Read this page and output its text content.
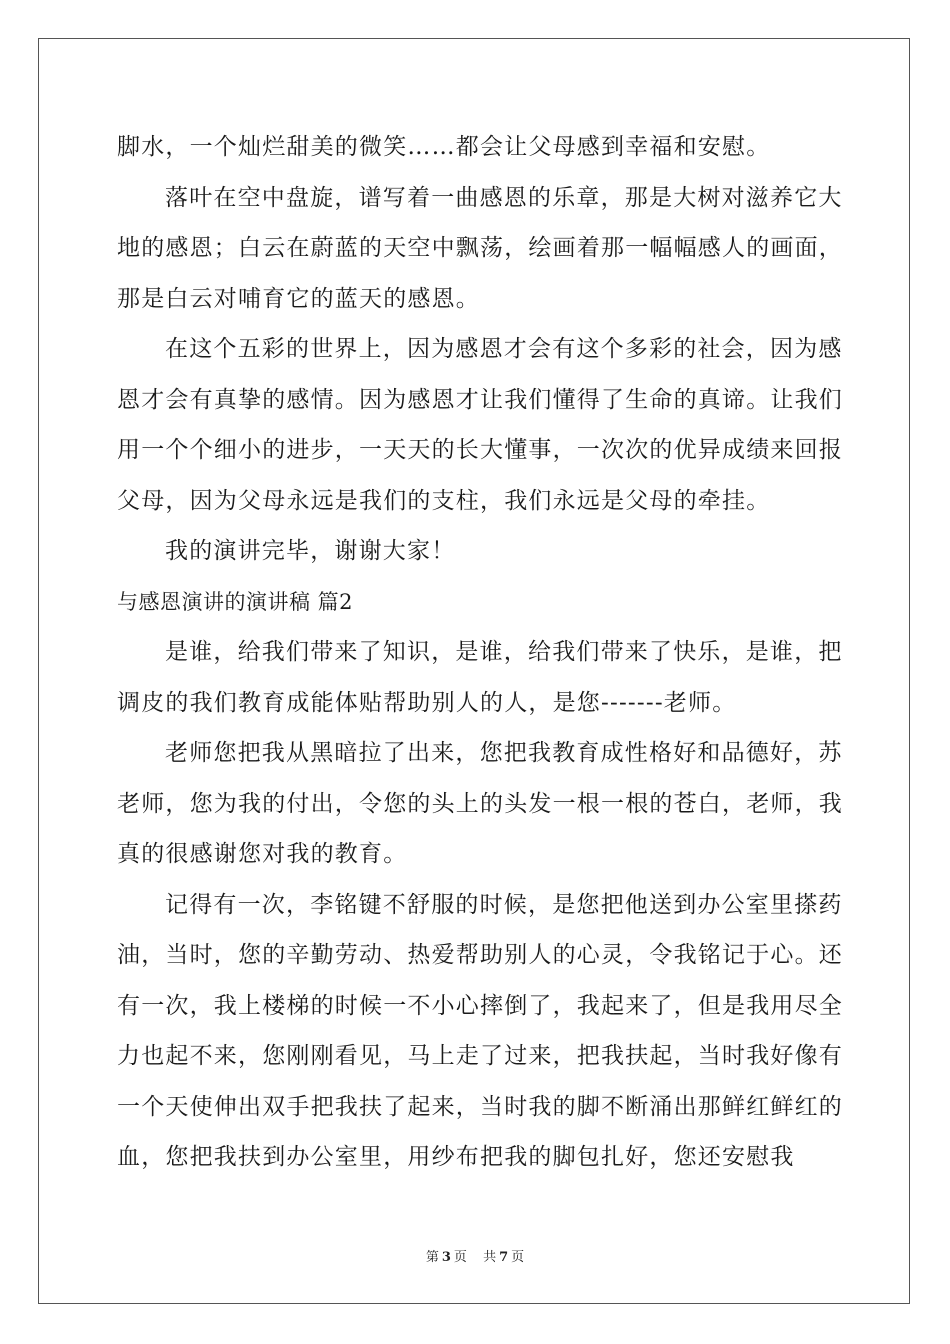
脚水，一个灿烂甜美的微笑……都会让父母感到幸福和安慰。
落叶在空中盘旋，谱写着一曲感恩的乐章，那是大树对滋养它大
地的感恩；白云在蔚蓝的天空中飘荡，绘画着那一幅幅感人的画面，
那是白云对哺育它的蓝天的感恩。
在这个五彩的世界上，因为感恩才会有这个多彩的社会，因为感
恩才会有真挚的感情。因为感恩才让我们懂得了生命的真谛。让我们
用一个个细小的进步，一天天的长大懂事，一次次的优异成绩来回报
父母，因为父母永远是我们的支柱，我们永远是父母的牵挂。
我的演讲完毕，谢谢大家！
与感恩演讲的演讲稿 篇2
是谁，给我们带来了知识，是谁，给我们带来了快乐，是谁，把
调皮的我们教育成能体贴帮助别人的人，是您-------老师。
老师您把我从黑暗拉了出来，您把我教育成性格好和品德好，苏
老师，您为我的付出，令您的头上的头发一根一根的苍白，老师，我
真的很感谢您对我的教育。
记得有一次，李铭键不舒服的时候，是您把他送到办公室里搽药
油，当时，您的辛勤劳动、热爱帮助别人的心灵，令我铭记于心。还
有一次，我上楼梯的时候一不小心摔倒了，我起来了，但是我用尽全
力也起不来，您刚刚看见，马上走了过来，把我扶起，当时我好像有
一个天使伸出双手把我扶了起来，当时我的脚不断涌出那鲜红鲜红的
血，您把我扶到办公室里，用纱布把我的脚包扎好，您还安慰我
第 3 页 共 7 页
